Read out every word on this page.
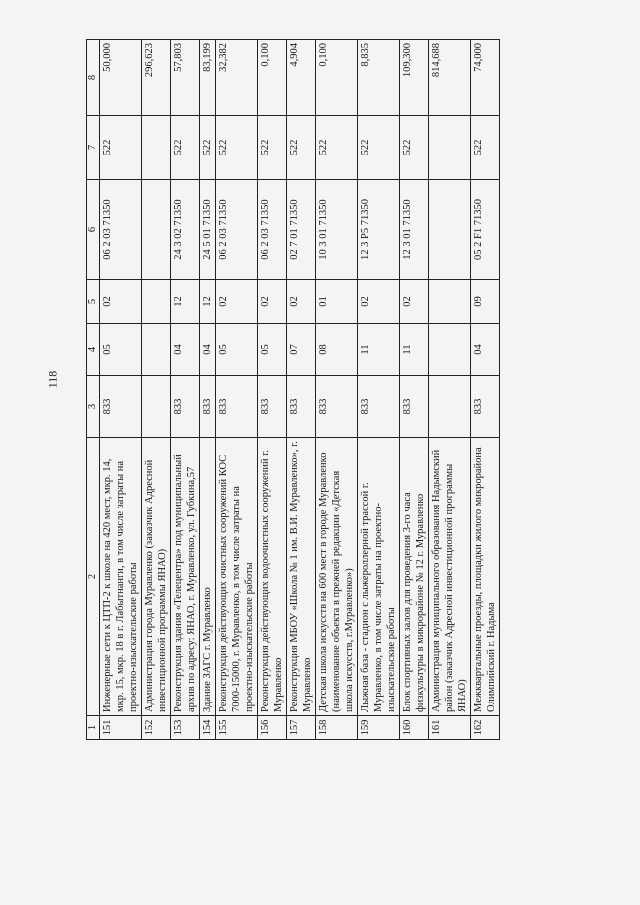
118
1	2	3	4	5	6	7	8
151	Инженерные сети к ЦТП-2 к школе на 420 мест, мкр. 14, мкр. 15, мкр. 18 в г. Лабытнанги, в том числе затраты на проектно-изыскательские работы	833	05	02	06 2 03 71350	522	50,000
152	Администрация города Муравленко (заказчик Адресной инвестиционной программы ЯНАО)						296,623
153	Реконструкция здания «Телецентра» под муниципальный архив по адресу: ЯНАО, г. Муравленко, ул. Губкина,57	833	04	12	24 3 02 71350	522	57,803
154	Здание ЗАГС г. Муравленко	833	04	12	24 5 01 71350	522	83,199
155	Реконструкция действующих очистных сооружений КОС 7000-15000, г. Муравленко, в том числе затраты на проектно-изыскательские работы	833	05	02	06 2 03 71350	522	32,382
156	Реконструкция действующих водоочистных сооружений г. Муравленко	833	05	02	06 2 03 71350	522	0,100
157	Реконструкция МБОУ «Школа № 1 им. В.И. Муравленко», г. Муравленко	833	07	02	02 7 01 71350	522	4,904
158	Детская школа искусств на 600 мест в городе Муравленко (наименование объекта в прежней редакции «Детская школа искусств, г.Муравленко»)	833	08	01	10 3 01 71350	522	0,100
159	Лыжная база - стадион с лыжероллерной трассой г. Муравленко, в том числе затраты на проектно-изыскательские работы	833	11	02	12 3 P5 71350	522	8,835
160	Блок спортивных залов для проведения 3-го часа физкультуры в микрорайоне № 12 г. Муравленко	833	11	02	12 3 01 71350	522	109,300
161	Администрация муниципального образования Надымский район (заказчик Адресной инвестиционной программы ЯНАО)						814,688
162	Межквартальные проезды, площадки жилого микрорайона Олимпийский г. Надыма	833	04	09	05 2 F1 71350	522	74,000
